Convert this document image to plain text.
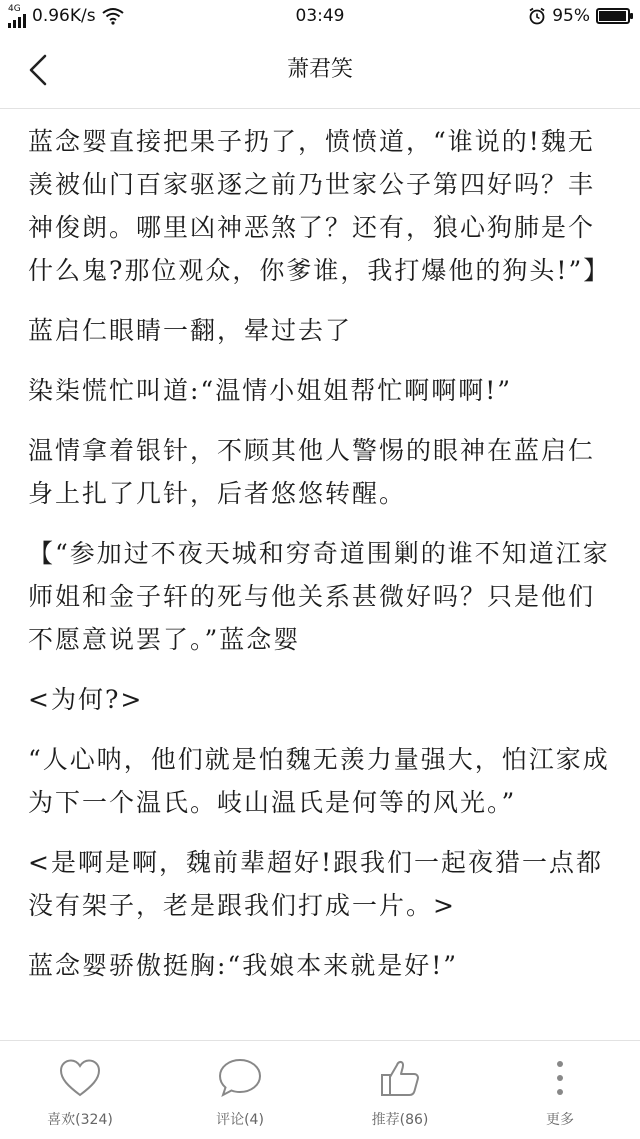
4G 0.96K/s	03:49	95%
萧君笑

蓝念婴直接把果子扔了，愤愤道，“谁说的!魏无羡被仙门百家驱逐之前乃世家公子第四好吗？丰神俊朗。哪里凶神恶煞了？还有，狼心狗肺是个什么鬼?那位观众，你爹谁，我打爆他的狗头!”】

蓝启仁眼睛一翻，晕过去了

染柒慌忙叫道:“温情小姐姐帮忙啊啊啊!”

温情拿着银针，不顾其他人警惕的眼神在蓝启仁身上扎了几针，后者悠悠转醒。

【“参加过不夜天城和穷奇道围剿的谁不知道江家师姐和金子轩的死与他关系甚微好吗？只是他们不愿意说罢了。”蓝念婴

<为何?>

“人心呐，他们就是怕魏无羡力量强大，怕江家成为下一个温氏。岐山温氏是何等的风光。”

<是啊是啊，魏前辈超好!跟我们一起夜猎一点都没有架子，老是跟我们打成一片。>

蓝念婴骄傲挺胸:“我娘本来就是好!”

喜欢(324)	评论(4)	推荐(86)	更多
